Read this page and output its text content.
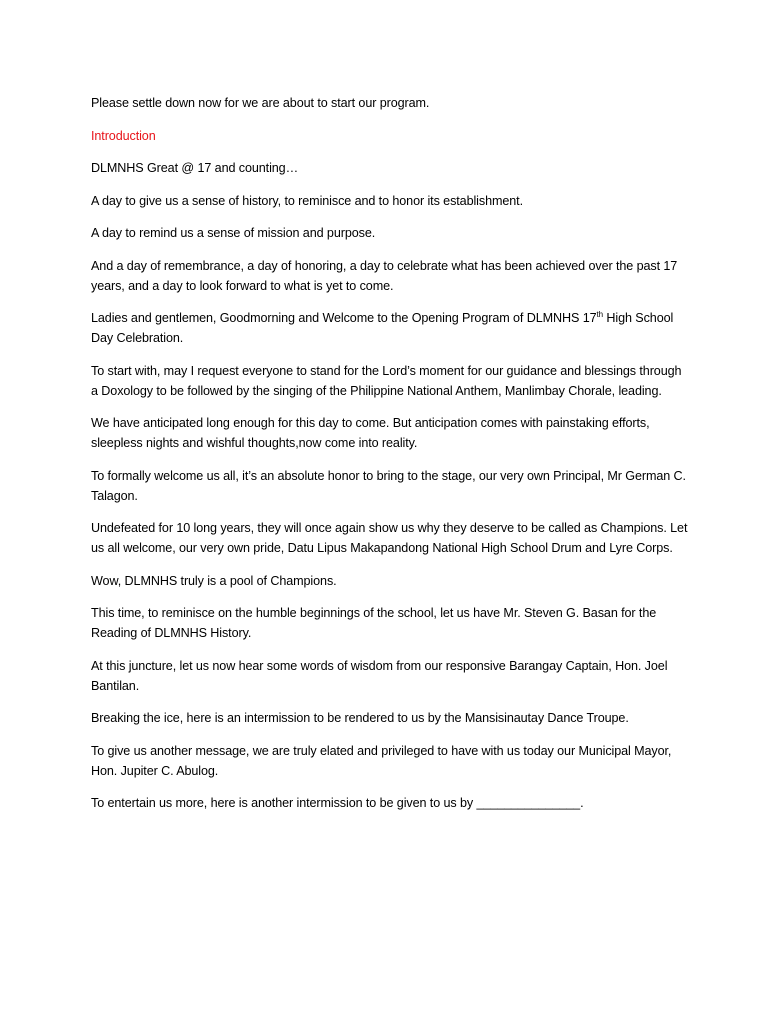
Please settle down now for we are about to start our program.

Introduction

DLMNHS Great @ 17 and counting…

A day to give us a sense of history, to reminisce and to honor its establishment.

A day to remind us a sense of mission and purpose.

And a day of remembrance, a day of honoring, a day to celebrate what has been achieved over the past 17 years, and a day to look forward to what is yet to come.

Ladies and gentlemen, Goodmorning and Welcome to the Opening Program of DLMNHS 17th High School Day Celebration.

To start with, may I request everyone to stand for the Lord’s moment for our guidance and blessings through a Doxology to be followed by the singing of the Philippine National Anthem, Manlimbay Chorale, leading.

We have anticipated long enough for this day to come. But anticipation comes with painstaking efforts, sleepless nights and wishful thoughts,now come into reality.

To formally welcome us all, it’s an absolute honor to bring to the stage, our very own Principal, Mr German C. Talagon.

Undefeated for 10 long years, they will once again show us why they deserve to be called as Champions. Let us all welcome, our very own pride, Datu Lipus Makapandong National High School Drum and Lyre Corps.

Wow, DLMNHS truly is a pool of Champions.

This time, to reminisce on the humble beginnings of the school, let us have Mr. Steven G. Basan for the Reading of DLMNHS History.

At this juncture, let us now hear some words of wisdom from our responsive Barangay Captain, Hon. Joel Bantilan.

Breaking the ice, here is an intermission to be rendered to us by the Mansisinautay Dance Troupe.

To give us another message, we are truly elated and privileged to have with us today our Municipal Mayor, Hon. Jupiter C. Abulog.

To entertain us more, here is another intermission to be given to us by _______________.
